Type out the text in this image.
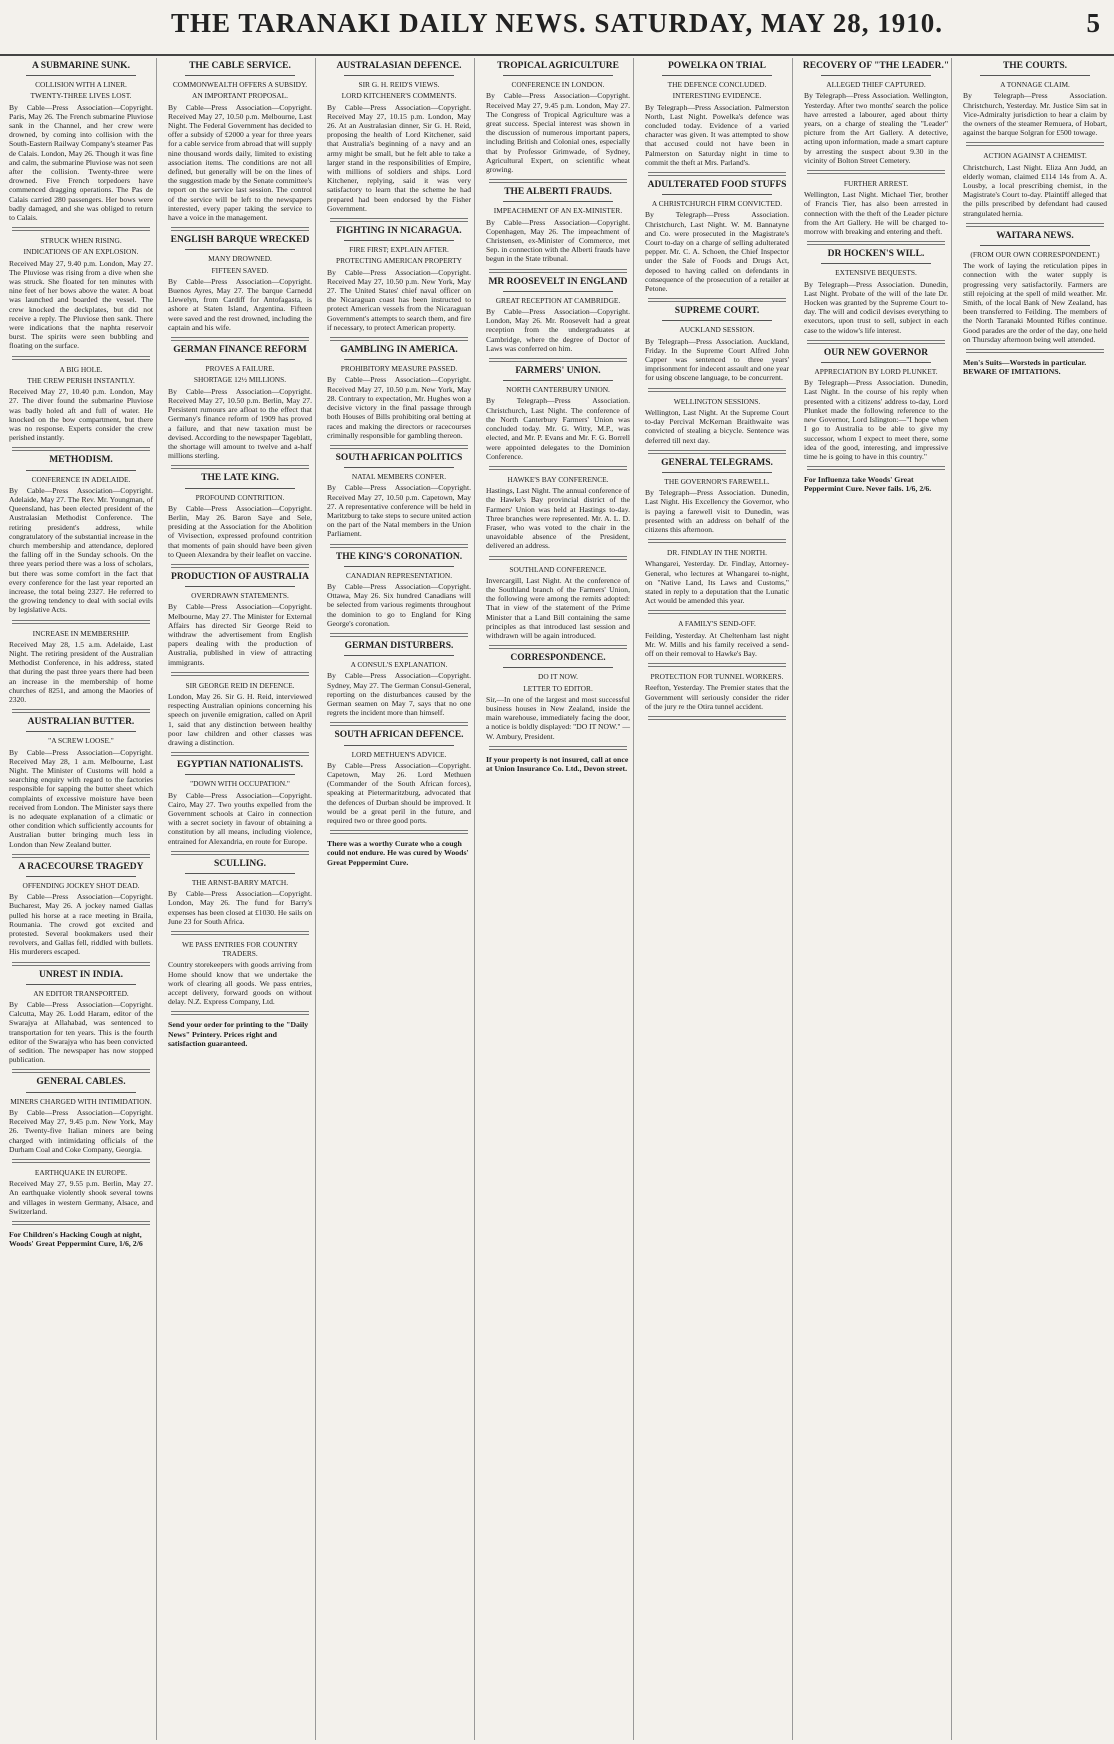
THE TARANAKI DAILY NEWS. SATURDAY, MAY 28, 1910.	5
A SUBMARINE SUNK.
COLLISION WITH A LINER.
TWENTY-THREE LIVES LOST.
By Cable—Press Association—Copyright. Paris, May 26. The French submarine Pluviose sank in the Channel, and her crew were drowned, by coming into collision with the South-Eastern Railway Company's steamer Pas de Calais. London, May 26. Though it was fine and calm, the submarine Pluviose was not seen after the collision. Twenty-three were drowned. Five French torpedoers have commenced dragging operations. The Pas de Calais carried 280 passengers. Her bows were badly damaged, and she was obliged to return to Calais.
STRUCK WHEN RISING.
INDICATIONS OF AN EXPLOSION.
Received May 27, 9.40 p.m. London, May 27. The Pluviose was rising from a dive when she was struck. She floated for ten minutes with nine feet of her bows above the water. A boat was launched and boarded the vessel. The crew knocked the deckplates, but did not receive a reply. The Pluviose then sank. There were indications that the naphta reservoir burst. The spirits were seen bubbling and floating on the surface.
A BIG HOLE.
THE CREW PERISH INSTANTLY.
Received May 27, 10.40 p.m. London, May 27. The diver found the submarine Pluviose was badly holed aft and full of water. He knocked on the bow compartment, but there was no response. Experts consider the crew perished instantly.
METHODISM.
CONFERENCE IN ADELAIDE.
By Cable—Press Association—Copyright. Adelaide, May 27. The Rev. Mr. Youngman, of Queensland, has been elected president of the Australasian Methodist Conference. The retiring president's address, while congratulatory of the substantial increase in the church membership and attendance, deplored the falling off in the Sunday schools. On the three years period there was a loss of scholars, but there was some comfort in the fact that every conference for the last year reported an increase, the total being 2327. He referred to the growing tendency to deal with social evils by legislative Acts.
INCREASE IN MEMBERSHIP.
Received May 28, 1.5 a.m. Adelaide, Last Night. The retiring president of the Australian Methodist Conference, in his address, stated that during the past three years there had been an increase in the membership of home churches of 8251, and among the Maories of 2320.
AUSTRALIAN BUTTER.
"A SCREW LOOSE."
By Cable—Press Association—Copyright. Received May 28, 1 a.m. Melbourne, Last Night. The Minister of Customs will hold a searching enquiry with regard to the factories responsible for sapping the butter sheet which complaints of excessive moisture have been received from London. The Minister says there is no adequate explanation of a climatic or other condition which sufficiently accounts for Australian butter bringing much less in London than New Zealand butter.
A RACECOURSE TRAGEDY
OFFENDING JOCKEY SHOT DEAD.
By Cable—Press Association—Copyright. Bucharest, May 26. A jockey named Gallas pulled his horse at a race meeting in Braila, Roumania. The crowd got excited and protested. Several bookmakers used their revolvers, and Gallas fell, riddled with bullets. His murderers escaped.
UNREST IN INDIA.
AN EDITOR TRANSPORTED.
By Cable—Press Association—Copyright. Calcutta, May 26. Lodd Haram, editor of the Swarajya at Allahabad, was sentenced to transportation for ten years. This is the fourth editor of the Swarajya who has been convicted of sedition. The newspaper has now stopped publication.
GENERAL CABLES.
MINERS CHARGED WITH INTIMIDATION.
By Cable—Press Association—Copyright. Received May 27, 9.45 p.m. New York, May 26. Twenty-five Italian miners are being charged with intimidating officials of the Durham Coal and Coke Company, Georgia.
EARTHQUAKE IN EUROPE.
Received May 27, 9.55 p.m. Berlin, May 27. An earthquake violently shook several towns and villages in western Germany, Alsace, and Switzerland.
For Children's Hacking Cough at night, Woods' Great Peppermint Cure, 1/6, 2/6
THE CABLE SERVICE.
COMMONWEALTH OFFERS A SUBSIDY.
AN IMPORTANT PROPOSAL.
By Cable—Press Association—Copyright. Received May 27, 10.50 p.m. Melbourne, Last Night. The Federal Government has decided to offer a subsidy of £2000 a year for three years for a cable service from abroad that will supply nine thousand words daily, limited to existing association items. The conditions are not all defined, but generally will be on the lines of the suggestion made by the Senate committee's report on the service last session. The control of the service will be left to the newspapers interested, every paper taking the service to have a voice in the management.
ENGLISH BARQUE WRECKED
MANY DROWNED.
FIFTEEN SAVED.
By Cable—Press Association—Copyright. Buenos Ayres, May 27. The barque Carnedd Llewelyn, from Cardiff for Antofagasta, is ashore at Staten Island, Argentina. Fifteen were saved and the rest drowned, including the captain and his wife.
GERMAN FINANCE REFORM
PROVES A FAILURE.
SHORTAGE 12½ MILLIONS.
By Cable—Press Association—Copyright. Received May 27, 10.50 p.m. Berlin, May 27. Persistent rumours are afloat to the effect that Germany's finance reform of 1909 has proved a failure, and that new taxation must be devised. According to the newspaper Tageblatt, the shortage will amount to twelve and a-half millions sterling.
THE LATE KING.
PROFOUND CONTRITION.
By Cable—Press Association—Copyright. Berlin, May 26. Baron Saye and Sele, presiding at the Association for the Abolition of Vivisection, expressed profound contrition that moments of pain should have been given to Queen Alexandra by their leaflet on vaccine.
PRODUCTION OF AUSTRALIA
OVERDRAWN STATEMENTS.
By Cable—Press Association—Copyright. Melbourne, May 27. The Minister for External Affairs has directed Sir George Reid to withdraw the advertisement from English papers dealing with the production of Australia, published in view of attracting immigrants.
SIR GEORGE REID IN DEFENCE.
London, May 26. Sir G. H. Reid, interviewed respecting Australian opinions concerning his speech on juvenile emigration, called on April 1, said that any distinction between healthy poor law children and other classes was drawing a distinction.
EGYPTIAN NATIONALISTS.
"DOWN WITH OCCUPATION."
By Cable—Press Association—Copyright. Cairo, May 27. Two youths expelled from the Government schools at Cairo in connection with a secret society in favour of obtaining a constitution by all means, including violence, entrained for Alexandria, en route for Europe.
SCULLING.
THE ARNST-BARRY MATCH.
By Cable—Press Association—Copyright. London, May 26. The fund for Barry's expenses has been closed at £1030. He sails on June 23 for South Africa.
WE PASS ENTRIES FOR COUNTRY TRADERS.
Country storekeepers with goods arriving from Home should know that we undertake the work of clearing all goods. We pass entries, accept delivery, forward goods on without delay. N.Z. Express Company, Ltd.
Send your order for printing to the "Daily News" Printery. Prices right and satisfaction guaranteed.
AUSTRALASIAN DEFENCE.
SIR G. H. REID'S VIEWS.
LORD KITCHENER'S COMMENTS.
By Cable—Press Association—Copyright. Received May 27, 10.15 p.m. London, May 26. At an Australasian dinner, Sir G. H. Reid, proposing the health of Lord Kitchener, said that Australia's beginning of a navy and an army might be small, but he felt able to take a larger stand in the responsibilities of Empire, with millions of soldiers and ships. Lord Kitchener, replying, said it was very satisfactory to learn that the scheme he had prepared had been endorsed by the Fisher Government.
FIGHTING IN NICARAGUA.
FIRE FIRST; EXPLAIN AFTER.
PROTECTING AMERICAN PROPERTY
By Cable—Press Association—Copyright. Received May 27, 10.50 p.m. New York, May 27. The United States' chief naval officer on the Nicaraguan coast has been instructed to protect American vessels from the Nicaraguan Government's attempts to search them, and fire if necessary, to protect American property.
GAMBLING IN AMERICA.
PROHIBITORY MEASURE PASSED.
By Cable—Press Association—Copyright. Received May 27, 10.50 p.m. New York, May 28. Contrary to expectation, Mr. Hughes won a decisive victory in the final passage through both Houses of Bills prohibiting oral betting at races and making the directors or racecourses criminally responsible for gambling thereon.
SOUTH AFRICAN POLITICS
NATAL MEMBERS CONFER.
By Cable—Press Association—Copyright. Received May 27, 10.50 p.m. Capetown, May 27. A representative conference will be held in Maritzburg to take steps to secure united action on the part of the Natal members in the Union Parliament.
THE KING'S CORONATION.
CANADIAN REPRESENTATION.
By Cable—Press Association—Copyright. Ottawa, May 26. Six hundred Canadians will be selected from various regiments throughout the dominion to go to England for King George's coronation.
GERMAN DISTURBERS.
A CONSUL'S EXPLANATION.
By Cable—Press Association—Copyright. Sydney, May 27. The German Consul-General, reporting on the disturbances caused by the German seamen on May 7, says that no one regrets the incident more than himself.
SOUTH AFRICAN DEFENCE.
LORD METHUEN'S ADVICE.
By Cable—Press Association—Copyright. Capetown, May 26. Lord Methuen (Commander of the South African forces), speaking at Pietermaritzburg, advocated that the defences of Durban should be improved. It would be a great peril in the future, and required two or three good ports.
There was a worthy Curate who a cough could not endure. He was cured by Woods' Great Peppermint Cure.
TROPICAL AGRICULTURE
CONFERENCE IN LONDON.
By Cable—Press Association—Copyright. Received May 27, 9.45 p.m. London, May 27. The Congress of Tropical Agriculture was a great success. Special interest was shown in the discussion of numerous important papers, including British and Colonial ones, especially that by Professor Grimwade, of Sydney, Agricultural Expert, on scientific wheat growing.
THE ALBERTI FRAUDS.
IMPEACHMENT OF AN EX-MINISTER.
By Cable—Press Association—Copyright. Copenhagen, May 26. The impeachment of Christensen, ex-Minister of Commerce, met Sep. in connection with the Alberti frauds have begun in the State tribunal.
MR ROOSEVELT IN ENGLAND
GREAT RECEPTION AT CAMBRIDGE.
By Cable—Press Association—Copyright. London, May 26. Mr. Roosevelt had a great reception from the undergraduates at Cambridge, where the degree of Doctor of Laws was conferred on him.
FARMERS' UNION.
NORTH CANTERBURY UNION.
By Telegraph—Press Association. Christchurch, Last Night. The conference of the North Canterbury Farmers' Union was concluded today. Mr. G. Witty, M.P., was elected, and Mr. P. Evans and Mr. F. G. Borrell were appointed delegates to the Dominion Conference.
HAWKE'S BAY CONFERENCE.
Hastings, Last Night. The annual conference of the Hawke's Bay provincial district of the Farmers' Union was held at Hastings to-day. Three branches were represented. Mr. A. L. D. Fraser, who was voted to the chair in the unavoidable absence of the President, delivered an address.
SOUTHLAND CONFERENCE.
Invercargill, Last Night. At the conference of the Southland branch of the Farmers' Union, the following were among the remits adopted: That in view of the statement of the Prime Minister that a Land Bill containing the same principles as that introduced last session and withdrawn will be again introduced.
CORRESPONDENCE.
DO IT NOW.
LETTER TO EDITOR.
Sir,—In one of the largest and most successful business houses in New Zealand, inside the main warehouse, immediately facing the door, a notice is boldly displayed: "DO IT NOW." — W. Ambury, President.
If your property is not insured, call at once at Union Insurance Co. Ltd., Devon street.
POWELKA ON TRIAL
THE DEFENCE CONCLUDED.
INTERESTING EVIDENCE.
By Telegraph—Press Association. Palmerston North, Last Night. Powelka's defence was concluded today. Evidence of a varied character was given. It was attempted to show that accused could not have been in Palmerston on Saturday night in time to commit the theft at Mrs. Parland's.
ADULTERATED FOOD STUFFS
A CHRISTCHURCH FIRM CONVICTED.
By Telegraph—Press Association. Christchurch, Last Night. W. M. Bannatyne and Co. were prosecuted in the Magistrate's Court to-day on a charge of selling adulterated pepper. Mr. C. A. Schoen, the Chief Inspector under the Sale of Foods and Drugs Act, deposed to having called on defendants in consequence of the prosecution of a retailer at Petone.
SUPREME COURT.
AUCKLAND SESSION.
By Telegraph—Press Association. Auckland, Friday. In the Supreme Court Alfred John Capper was sentenced to three years' imprisonment for indecent assault and one year for using obscene language, to be concurrent.
WELLINGTON SESSIONS.
Wellington, Last Night. At the Supreme Court to-day Percival McKernan Braithwaite was convicted of stealing a bicycle. Sentence was deferred till next day.
GENERAL TELEGRAMS.
THE GOVERNOR'S FAREWELL.
By Telegraph—Press Association. Dunedin, Last Night. His Excellency the Governor, who is paying a farewell visit to Dunedin, was presented with an address on behalf of the citizens this afternoon.
DR. FINDLAY IN THE NORTH.
Whangarei, Yesterday. Dr. Findlay, Attorney-General, who lectures at Whangarei to-night, on "Native Land, Its Laws and Customs," stated in reply to a deputation that the Lunatic Act would be amended this year.
A FAMILY'S SEND-OFF.
Feilding, Yesterday. At Cheltenham last night Mr. W. Mills and his family received a send-off on their removal to Hawke's Bay.
PROTECTION FOR TUNNEL WORKERS.
Reefton, Yesterday. The Premier states that the Government will seriously consider the rider of the jury re the Otira tunnel accident.
RECOVERY OF "THE LEADER."
ALLEGED THIEF CAPTURED.
By Telegraph—Press Association. Wellington, Yesterday. After two months' search the police have arrested a labourer, aged about thirty years, on a charge of stealing the "Leader" picture from the Art Gallery. A detective, acting upon information, made a smart capture by arresting the suspect about 9.30 in the vicinity of Bolton Street Cemetery.
FURTHER ARREST.
Wellington, Last Night. Michael Tier, brother of Francis Tier, has also been arrested in connection with the theft of the Leader picture from the Art Gallery. He will be charged to-morrow with breaking and entering and theft.
DR HOCKEN'S WILL.
EXTENSIVE BEQUESTS.
By Telegraph—Press Association. Dunedin, Last Night. Probate of the will of the late Dr. Hocken was granted by the Supreme Court to-day. The will and codicil devises everything to executors, upon trust to sell, subject in each case to the widow's life interest.
OUR NEW GOVERNOR
APPRECIATION BY LORD PLUNKET.
By Telegraph—Press Association. Dunedin, Last Night. In the course of his reply when presented with a citizens' address to-day, Lord Plunket made the following reference to the new Governor, Lord Islington:—"I hope when I go to Australia to be able to give my successor, whom I expect to meet there, some idea of the good, interesting, and impressive time he is going to have in this country."
For Influenza take Woods' Great Peppermint Cure. Never fails. 1/6, 2/6.
THE COURTS.
A TONNAGE CLAIM.
By Telegraph—Press Association. Christchurch, Yesterday. Mr. Justice Sim sat in Vice-Admiralty jurisdiction to hear a claim by the owners of the steamer Remuera, of Hobart, against the barque Solgran for £500 towage.
ACTION AGAINST A CHEMIST.
Christchurch, Last Night. Eliza Ann Judd, an elderly woman, claimed £114 14s from A. A. Lousby, a local prescribing chemist, in the Magistrate's Court to-day. Plaintiff alleged that the pills prescribed by defendant had caused strangulated hernia.
WAITARA NEWS.
(FROM OUR OWN CORRESPONDENT.)
The work of laying the reticulation pipes in connection with the water supply is progressing very satisfactorily. Farmers are still rejoicing at the spell of mild weather. Mr. Smith, of the local Bank of New Zealand, has been transferred to Feilding. The members of the North Taranaki Mounted Rifles continue. Good parades are the order of the day, one held on Thursday afternoon being well attended.
Men's Suits—Worsteds in particular. BEWARE OF IMITATIONS.
